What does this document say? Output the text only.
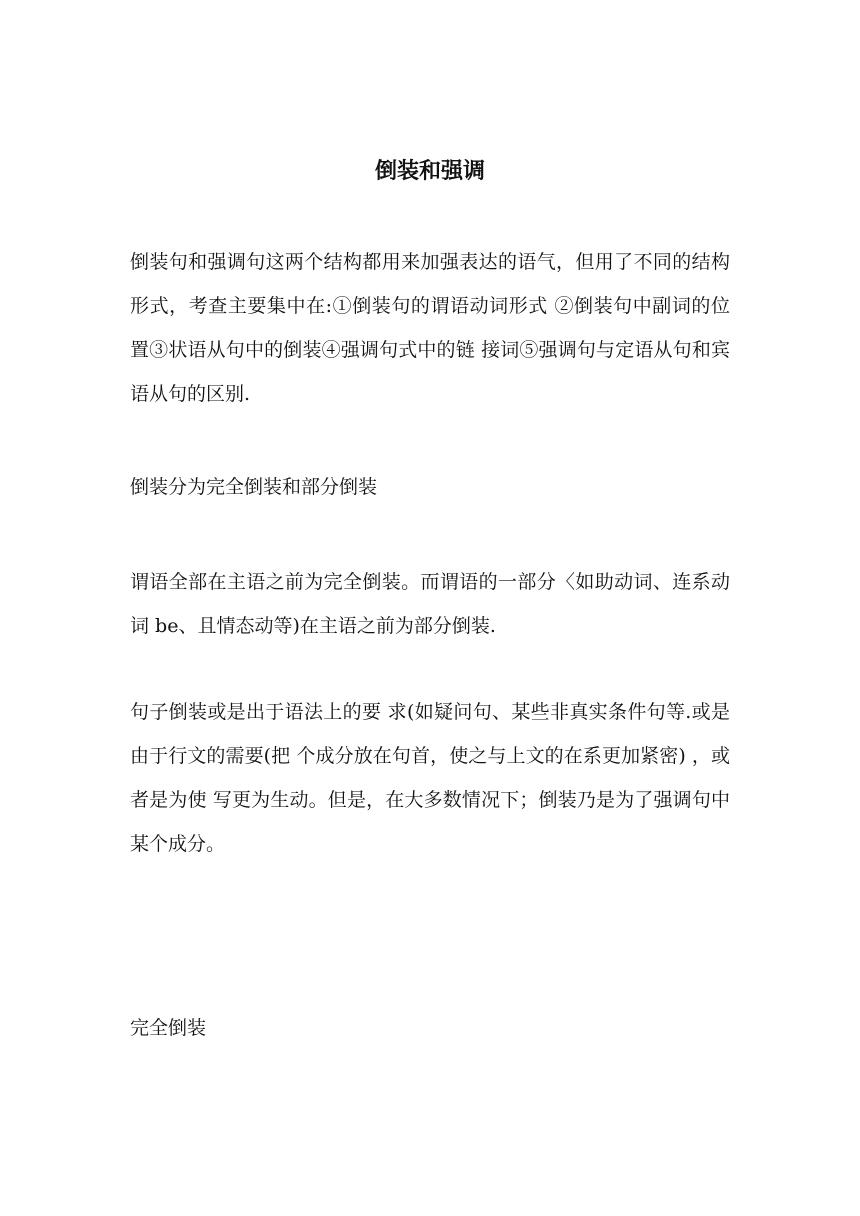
倒装和强调

倒装句和强调句这两个结构都用来加强表达的语气，但用了不同的结构形式，考查主要集中在:①倒装句的谓语动词形式 ②倒装句中副词的位置③状语从句中的倒装④强调句式中的链 接词⑤强调句与定语从句和宾语从句的区别.

倒装分为完全倒装和部分倒装

谓语全部在主语之前为完全倒装。而谓语的一部分〈如助动词、连系动词 be、且情态动等)在主语之前为部分倒装.

句子倒装或是出于语法上的要 求(如疑问句、某些非真实条件句等.或是由于行文的需要(把 个成分放在句首，使之与上文的在系更加紧密) ，或者是为使 写更为生动。但是，在大多数情况下；倒装乃是为了强调句中 某个成分。

完全倒装
